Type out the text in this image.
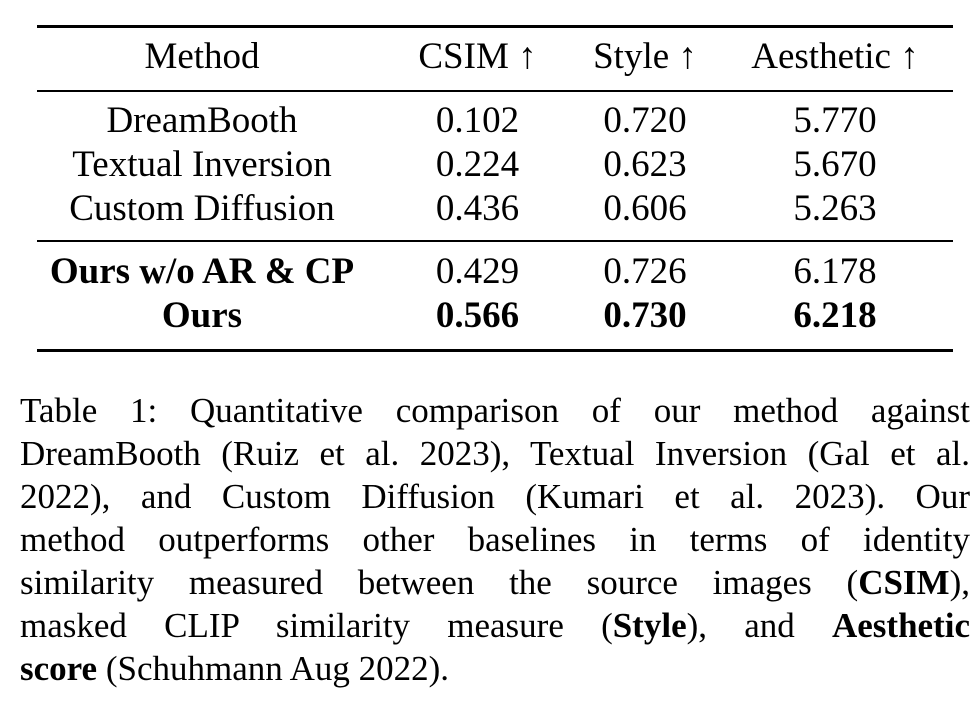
Method	CSIM ↑	Style ↑	Aesthetic ↑
DreamBooth	0.102	0.720	5.770
Textual Inversion	0.224	0.623	5.670
Custom Diffusion	0.436	0.606	5.263
Ours w/o AR & CP	0.429	0.726	6.178
Ours	0.566	0.730	6.218
Table 1: Quantitative comparison of our method against
DreamBooth (Ruiz et al. 2023), Textual Inversion (Gal et al.
2022), and Custom Diffusion (Kumari et al. 2023). Our
method outperforms other baselines in terms of identity
similarity measured between the source images (CSIM),
masked CLIP similarity measure (Style), and Aesthetic
score (Schuhmann Aug 2022).
